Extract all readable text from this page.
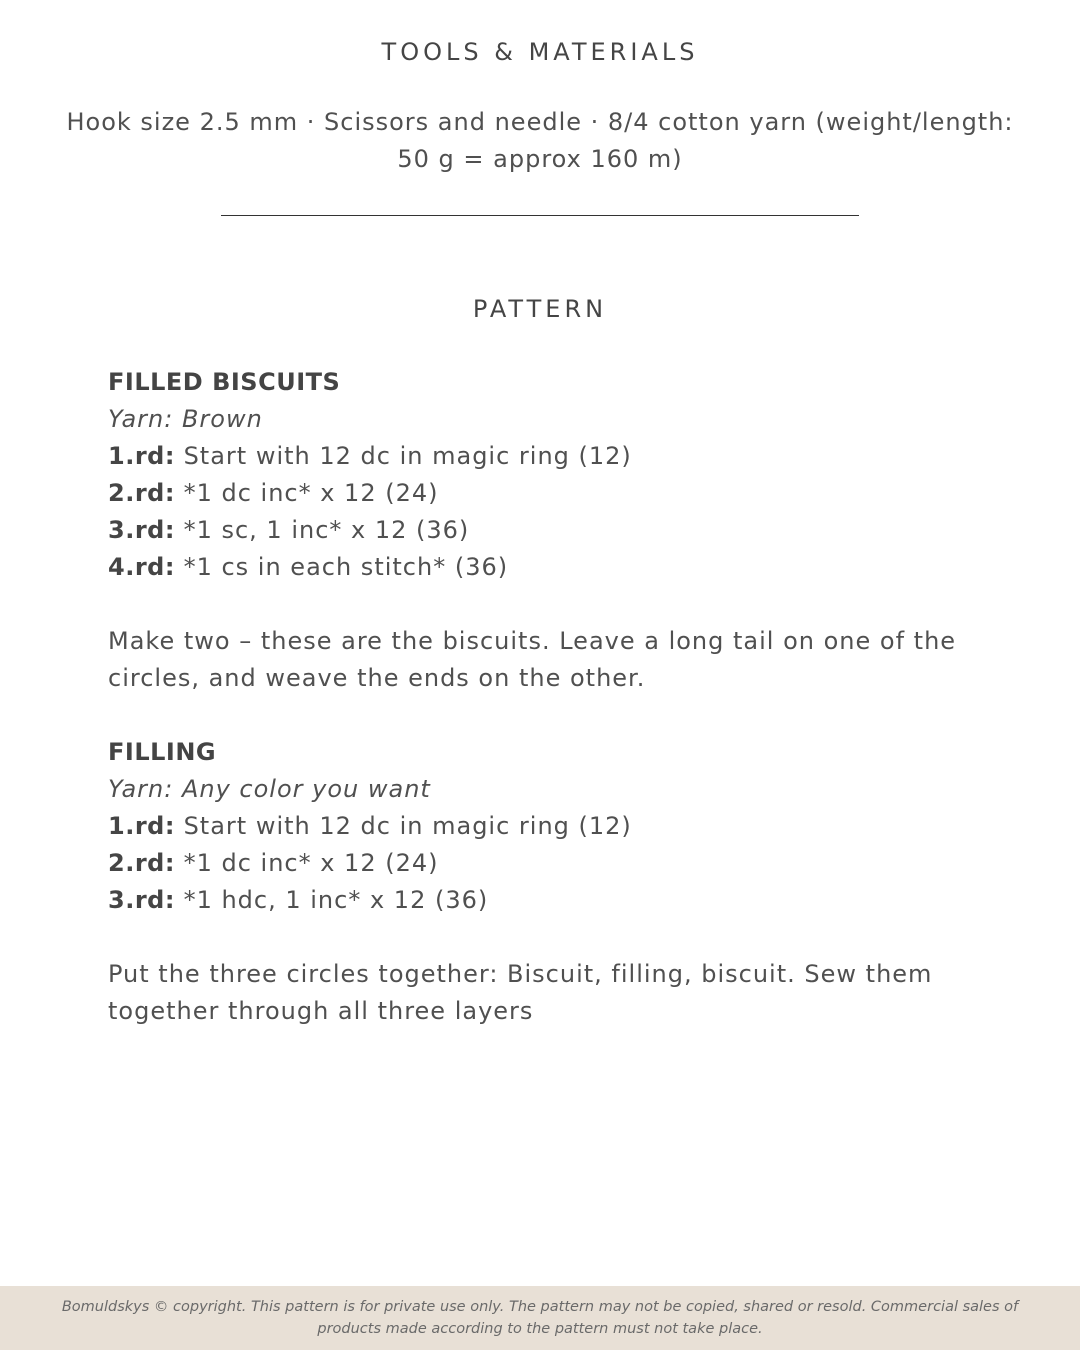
TOOLS & MATERIALS
Hook size 2.5 mm · Scissors and needle · 8/4 cotton yarn (weight/length: 50 g = approx 160 m)
PATTERN
FILLED BISCUITS
Yarn: Brown
1.rd: Start with 12 dc in magic ring (12)
2.rd: *1 dc inc* x 12 (24)
3.rd: *1 sc, 1 inc* x 12 (36)
4.rd: *1 cs in each stitch* (36)
Make two – these are the biscuits. Leave a long tail on one of the circles, and weave the ends on the other.
FILLING
Yarn: Any color you want
1.rd: Start with 12 dc in magic ring (12)
2.rd: *1 dc inc* x 12 (24)
3.rd: *1 hdc, 1 inc* x 12 (36)
Put the three circles together: Biscuit, filling, biscuit. Sew them together through all three layers
Bomuldskys © copyright. This pattern is for private use only. The pattern may not be copied, shared or resold. Commercial sales of products made according to the pattern must not take place.
